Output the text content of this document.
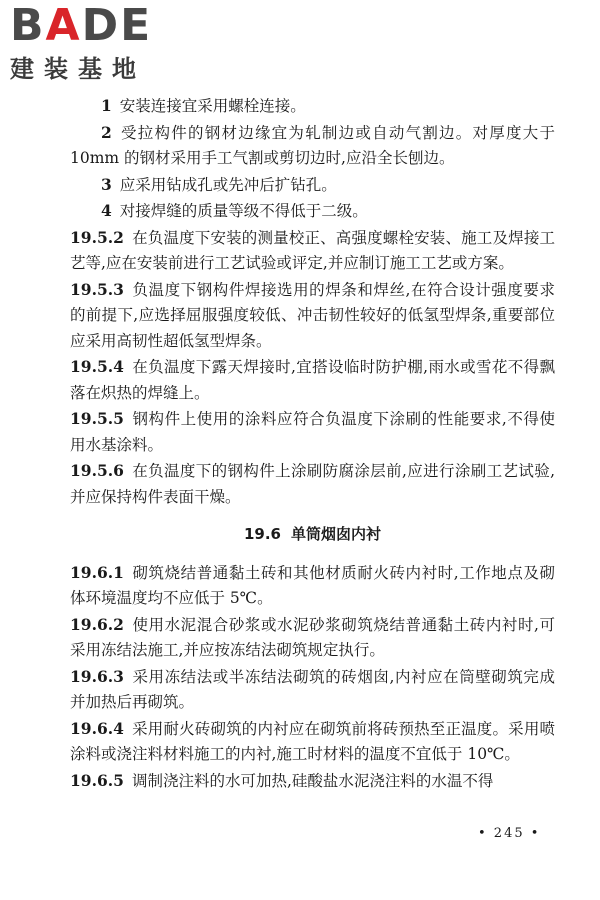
BADE
建装基地

1 安装连接宜采用螺栓连接。

2 受拉构件的钢材边缘宜为轧制边或自动气割边。对厚度大于 10mm 的钢材采用手工气割或剪切边时,应沿全长刨边。

3 应采用钻成孔或先冲后扩钻孔。

4 对接焊缝的质量等级不得低于二级。

19.5.2 在负温度下安装的测量校正、高强度螺栓安装、施工及焊接工艺等,应在安装前进行工艺试验或评定,并应制订施工工艺或方案。

19.5.3 负温度下钢构件焊接选用的焊条和焊丝,在符合设计强度要求的前提下,应选择屈服强度较低、冲击韧性较好的低氢型焊条,重要部位应采用高韧性超低氢型焊条。

19.5.4 在负温度下露天焊接时,宜搭设临时防护棚,雨水或雪花不得飘落在炽热的焊缝上。

19.5.5 钢构件上使用的涂料应符合负温度下涂刷的性能要求,不得使用水基涂料。

19.5.6 在负温度下的钢构件上涂刷防腐涂层前,应进行涂刷工艺试验,并应保持构件表面干燥。

19.6 单筒烟囱内衬

19.6.1 砌筑烧结普通黏土砖和其他材质耐火砖内衬时,工作地点及砌体环境温度均不应低于 5℃。

19.6.2 使用水泥混合砂浆或水泥砂浆砌筑烧结普通黏土砖内衬时,可采用冻结法施工,并应按冻结法砌筑规定执行。

19.6.3 采用冻结法或半冻结法砌筑的砖烟囱,内衬应在筒壁砌筑完成并加热后再砌筑。

19.6.4 采用耐火砖砌筑的内衬应在砌筑前将砖预热至正温度。采用喷涂料或浇注料材料施工的内衬,施工时材料的温度不宜低于 10℃。

19.6.5 调制浇注料的水可加热,硅酸盐水泥浇注料的水温不得

• 245 •
